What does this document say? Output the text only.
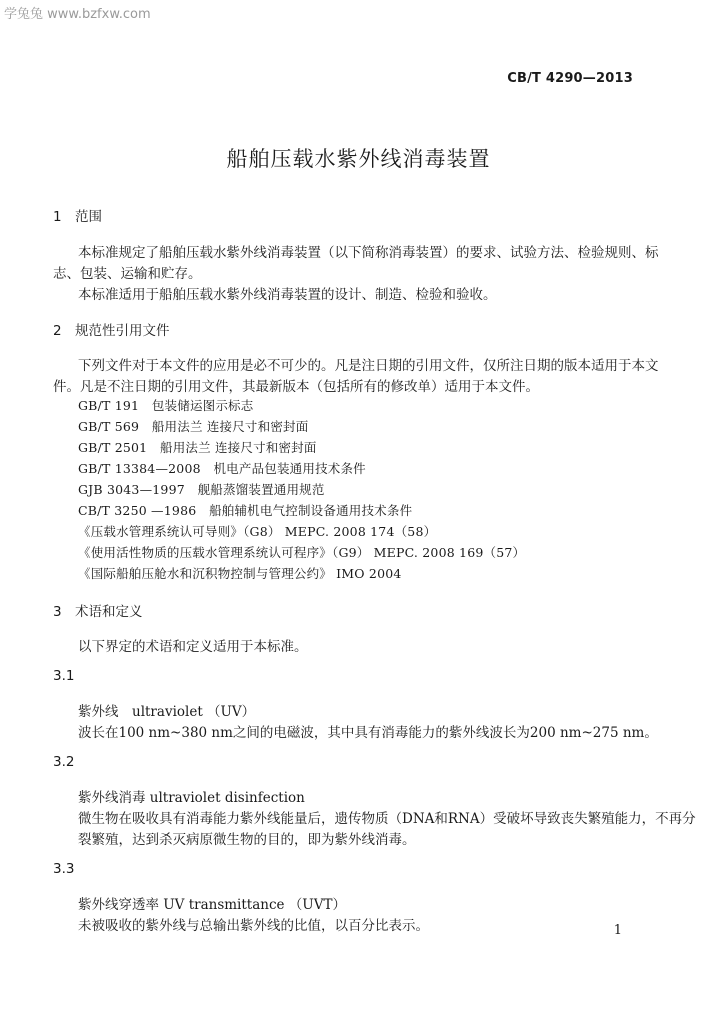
学兔兔 www.bzfxw.com
CB/T 4290—2013
船舶压载水紫外线消毒装置
1 范围
本标准规定了船舶压载水紫外线消毒装置（以下简称消毒装置）的要求、试验方法、检验规则、标
志、包装、运输和贮存。
本标准适用于船舶压载水紫外线消毒装置的设计、制造、检验和验收。
2 规范性引用文件
下列文件对于本文件的应用是必不可少的。凡是注日期的引用文件，仅所注日期的版本适用于本文
件。凡是不注日期的引用文件，其最新版本（包括所有的修改单）适用于本文件。
GB/T 191　包装储运图示标志
GB/T 569　船用法兰 连接尺寸和密封面
GB/T 2501　船用法兰 连接尺寸和密封面
GB/T 13384—2008　机电产品包装通用技术条件
GJB 3043—1997　舰船蒸馏装置通用规范
CB/T 3250 —1986　船舶辅机电气控制设备通用技术条件
《压载水管理系统认可导则》（G8） MEPC. 2008 174（58）
《使用活性物质的压载水管理系统认可程序》（G9） MEPC. 2008 169（57）
《国际船舶压舱水和沉积物控制与管理公约》 IMO 2004
3 术语和定义
以下界定的术语和定义适用于本标准。
3.1
紫外线　ultraviolet （UV）
波长在100 nm~380 nm之间的电磁波，其中具有消毒能力的紫外线波长为200 nm~275 nm。
3.2
紫外线消毒 ultraviolet disinfection
微生物在吸收具有消毒能力紫外线能量后，遗传物质（DNA和RNA）受破坏导致丧失繁殖能力，不再分
裂繁殖，达到杀灭病原微生物的目的，即为紫外线消毒。
3.3
紫外线穿透率 UV transmittance （UVT）
未被吸收的紫外线与总输出紫外线的比值，以百分比表示。	1
